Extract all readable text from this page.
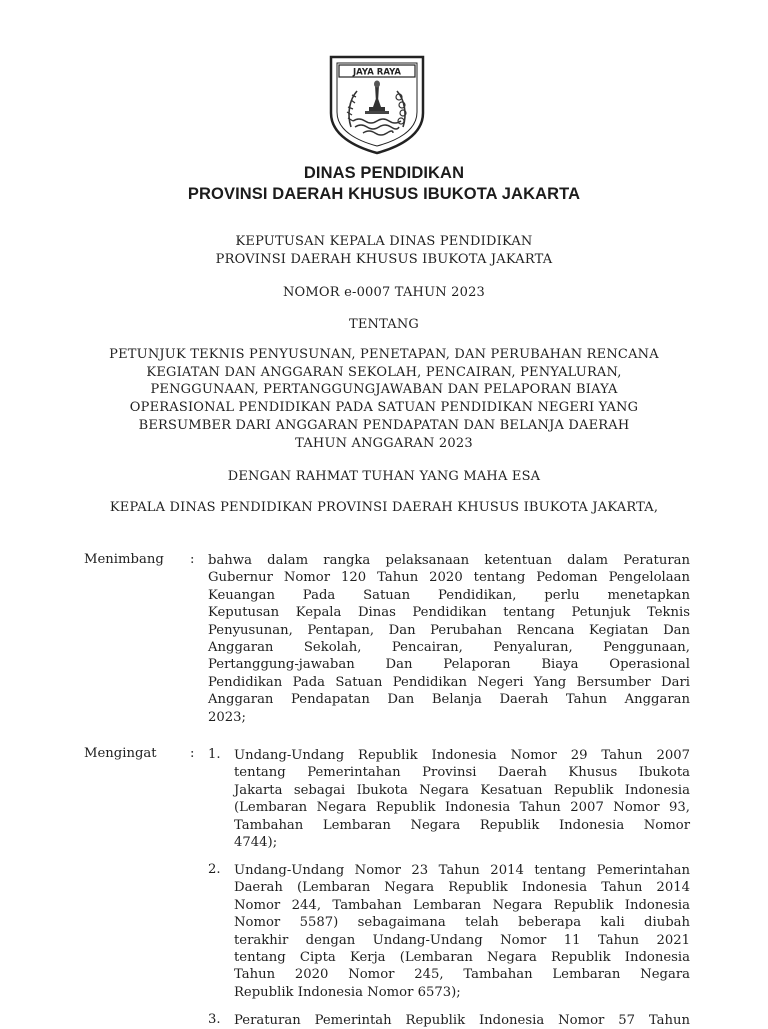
JAYA RAYA
DINAS PENDIDIKAN
PROVINSI DAERAH KHUSUS IBUKOTA JAKARTA
KEPUTUSAN KEPALA DINAS PENDIDIKAN
PROVINSI DAERAH KHUSUS IBUKOTA JAKARTA
NOMOR e-0007 TAHUN 2023
TENTANG
PETUNJUK TEKNIS PENYUSUNAN, PENETAPAN, DAN PERUBAHAN RENCANA
KEGIATAN DAN ANGGARAN SEKOLAH, PENCAIRAN, PENYALURAN,
PENGGUNAAN, PERTANGGUNGJAWABAN DAN PELAPORAN BIAYA
OPERASIONAL PENDIDIKAN PADA SATUAN PENDIDIKAN NEGERI YANG
BERSUMBER DARI ANGGARAN PENDAPATAN DAN BELANJA DAERAH
TAHUN ANGGARAN 2023
DENGAN RAHMAT TUHAN YANG MAHA ESA
KEPALA DINAS PENDIDIKAN PROVINSI DAERAH KHUSUS IBUKOTA JAKARTA,
Menimbang : bahwa dalam rangka pelaksanaan ketentuan dalam Peraturan
Gubernur Nomor 120 Tahun 2020 tentang Pedoman Pengelolaan
Keuangan Pada Satuan Pendidikan, perlu menetapkan
Keputusan Kepala Dinas Pendidikan tentang Petunjuk Teknis
Penyusunan, Pentapan, Dan Perubahan Rencana Kegiatan Dan
Anggaran Sekolah, Pencairan, Penyaluran, Penggunaan,
Pertanggung-jawaban Dan Pelaporan Biaya Operasional
Pendidikan Pada Satuan Pendidikan Negeri Yang Bersumber Dari
Anggaran Pendapatan Dan Belanja Daerah Tahun Anggaran
2023;
Mengingat	: 1. Undang-Undang Republik Indonesia Nomor 29 Tahun 2007
tentang Pemerintahan Provinsi Daerah Khusus Ibukota
Jakarta sebagai Ibukota Negara Kesatuan Republik Indonesia
(Lembaran Negara Republik Indonesia Tahun 2007 Nomor 93,
Tambahan Lembaran Negara Republik Indonesia Nomor
4744);
2. Undang-Undang Nomor 23 Tahun 2014 tentang Pemerintahan
Daerah (Lembaran Negara Republik Indonesia Tahun 2014
Nomor 244, Tambahan Lembaran Negara Republik Indonesia
Nomor 5587) sebagaimana telah beberapa kali diubah
terakhir dengan Undang-Undang Nomor 11 Tahun 2021
tentang Cipta Kerja (Lembaran Negara Republik Indonesia
Tahun 2020 Nomor 245, Tambahan Lembaran Negara
Republik Indonesia Nomor 6573);
3. Peraturan Pemerintah Republik Indonesia Nomor 57 Tahun
